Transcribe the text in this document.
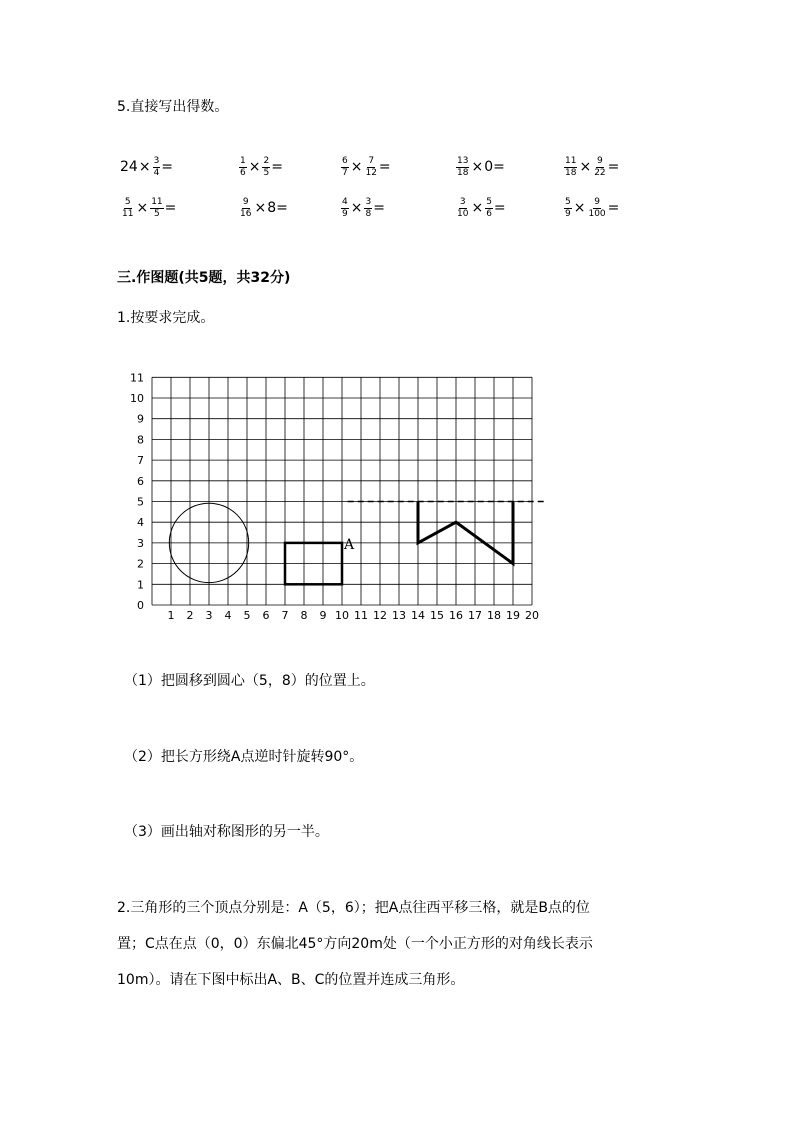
5.直接写出得数。
$24 \times \frac{3}{4}$ =	$\frac{1}{6} \times \frac{2}{5}$ =	$\frac{6}{7} \times \frac{7}{12}$ =	$\frac{13}{18} \times 0$ =	$\frac{11}{18} \times \frac{9}{22}$ =
$\frac{5}{11} \times \frac{11}{5}$ =	$\frac{9}{16} \times 8$ =	$\frac{4}{9} \times \frac{3}{8}$ =	$\frac{3}{10} \times \frac{5}{6}$ =	$\frac{5}{9} \times \frac{9}{100}$ =
三.作图题(共5题，共32分)
1.按要求完成。
1 2 3 4 5 6 7 8 9 10 11 12 13 14 15 16 17 18 19 20
0
1
2
3
4
5
6
7
8
9
10
11
A
（1）把圆移到圆心（5，8）的位置上。
（2）把长方形绕A点逆时针旋转90°。
（3）画出轴对称图形的另一半。
2.三角形的三个顶点分别是：A（5，6）；把A点往西平移三格，就是B点的位
置；C点在点（0，0）东偏北45°方向20m处（一个小正方形的对角线长表示
10m）。请在下图中标出A、B、C的位置并连成三角形。
